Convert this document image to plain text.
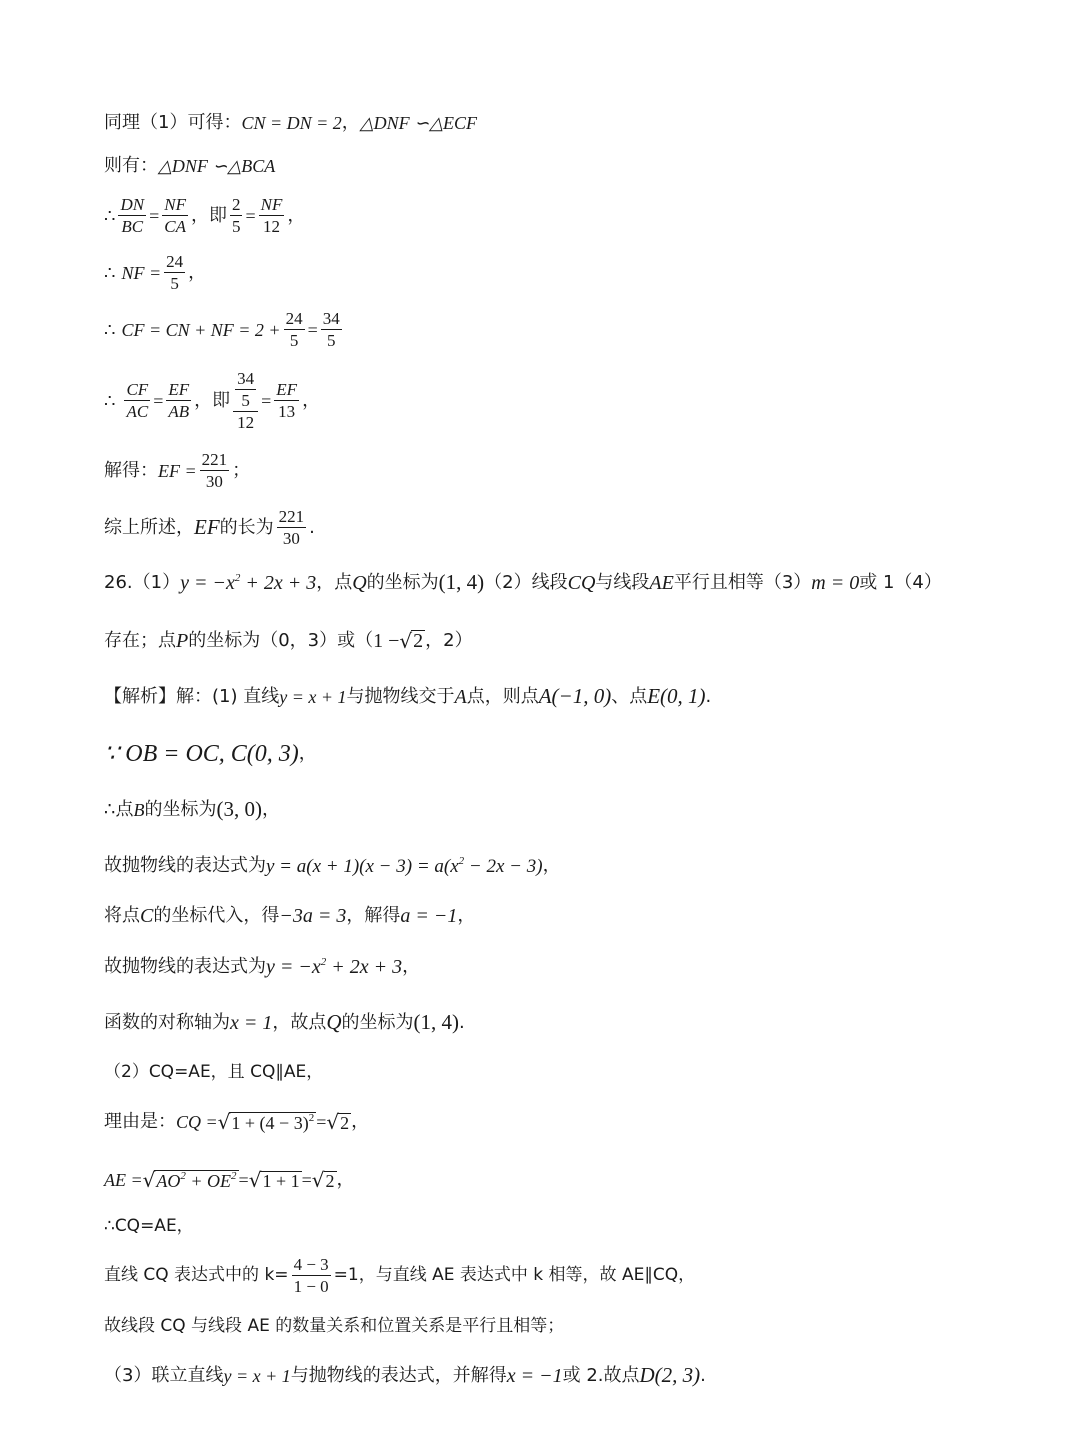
同理（1）可得： CN = DN = 2 ， △DNF ∽△ECF
则有： △DNF ∽△BCA
∴ $\frac{DN}{BC} = \frac{NF}{CA}$ ，即 $\frac{2}{5} = \frac{NF}{12}$ ，
∴ NF = $\frac{24}{5}$ ，
∴ CF = CN + NF = $2 + \frac{24}{5} = \frac{34}{5}$
∴ $\frac{CF}{AC} = \frac{EF}{AB}$ ，即 $\frac{\frac{34}{5}}{12} = \frac{EF}{13}$ ，
解得： EF = $\frac{221}{30}$ ；
综上所述， EF 的长为 $\frac{221}{30}$ .
26.（1） $y = -x^2 + 2x + 3$ ，点 Q 的坐标为 (1, 4) （2）线段 CQ 与线段 AE 平行且相等（3） m = 0 或 1（4）
存在；点 P 的坐标为（0，3）或（ 1 − √ 2 ，2）
【解析】解：(1) 直线 y = x + 1 与抛物线交于 A 点，则点 A(−1, 0) 、点 E(0, 1) .
∵ OB = OC, C(0, 3) ，
∴点 B 的坐标为 (3, 0) ，
故抛物线的表达式为 $y = a(x + 1)(x - 3) = a(x^2 - 2x - 3)$ ，
将点 C 的坐标代入，得 −3a = 3 ，解得 a = −1 ，
故抛物线的表达式为 $y = -x^2 + 2x + 3$ ，
函数的对称轴为 x = 1 ，故点 Q 的坐标为 (1, 4) .
（2）CQ=AE，且 CQ∥AE，
理由是： CQ = √ $1 + (4 - 3)^2$ = √ 2 ，
AE = √ $AO^2 + OE^2$ = √ 1 + 1 = √ 2 ，
∴CQ=AE，
直线 CQ 表达式中的 $k= \frac{4 - 3}{1 - 0} =1$，与直线 AE 表达式中 k 相等，故 AE∥CQ，
故线段 CQ 与线段 AE 的数量关系和位置关系是平行且相等；
（3）联立直线 y = x + 1 与抛物线的表达式，并解得 x = −1 或 2.故点 D(2, 3) .
